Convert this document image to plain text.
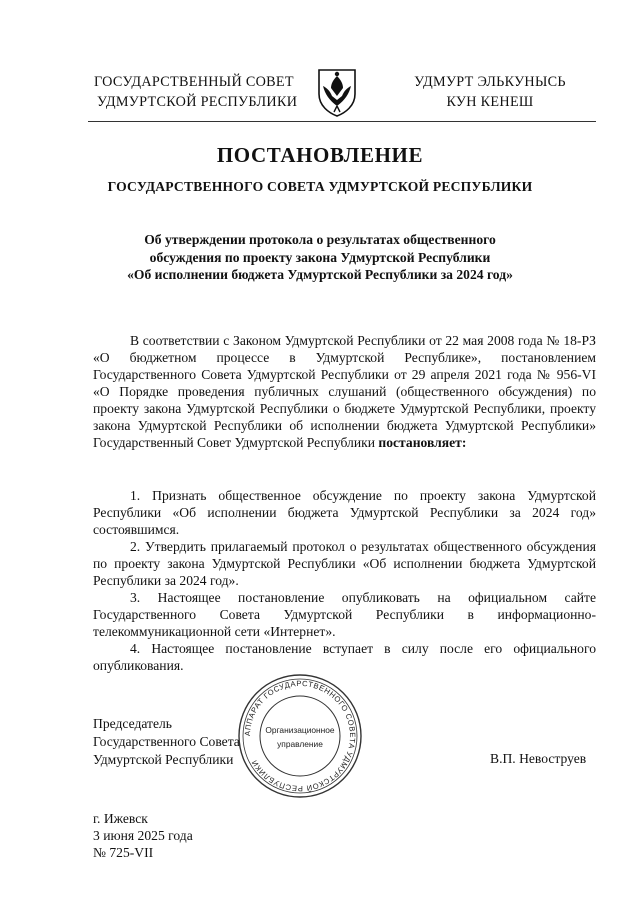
ГОСУДАРСТВЕННЫЙ СОВЕТ
УДМУРТСКОЙ РЕСПУБЛИКИ
УДМУРТ ЭЛЬКУНЫСЬ
КУН КЕНЕШ
ПОСТАНОВЛЕНИЕ
ГОСУДАРСТВЕННОГО СОВЕТА УДМУРТСКОЙ РЕСПУБЛИКИ
Об утверждении протокола о результатах общественного
обсуждения по проекту закона Удмуртской Республики
«Об исполнении бюджета Удмуртской Республики за 2024 год»

В соответствии с Законом Удмуртской Республики от 22 мая 2008 года № 18-РЗ «О бюджетном процессе в Удмуртской Республике», постановлением Государственного Совета Удмуртской Республики от 29 апреля 2021 года № 956-VI «О Порядке проведения публичных слушаний (общественного обсуждения) по проекту закона Удмуртской Республики о бюджете Удмуртской Республики, проекту закона Удмуртской Республики об исполнении бюджета Удмуртской Республики» Государственный Совет Удмуртской Республики постановляет:

1. Признать общественное обсуждение по проекту закона Удмуртской Республики «Об исполнении бюджета Удмуртской Республики за 2024 год» состоявшимся.

2. Утвердить прилагаемый протокол о результатах общественного обсуждения по проекту закона Удмуртской Республики «Об исполнении бюджета Удмуртской Республики за 2024 год».

3. Настоящее постановление опубликовать на официальном сайте Государственного Совета Удмуртской Республики в информационно-телекоммуникационной сети «Интернет».

4. Настоящее постановление вступает в силу после его официального опубликования.

Председатель
Государственного Совета
Удмуртской Республики	В.П. Невоструев
АППАРАТ ГОСУДАРСТВЕННОГО СОВЕТА УДМУРТСКОЙ РЕСПУБЛИКИ
Организационное
управление
г. Ижевск
3 июня 2025 года
№ 725-VII
